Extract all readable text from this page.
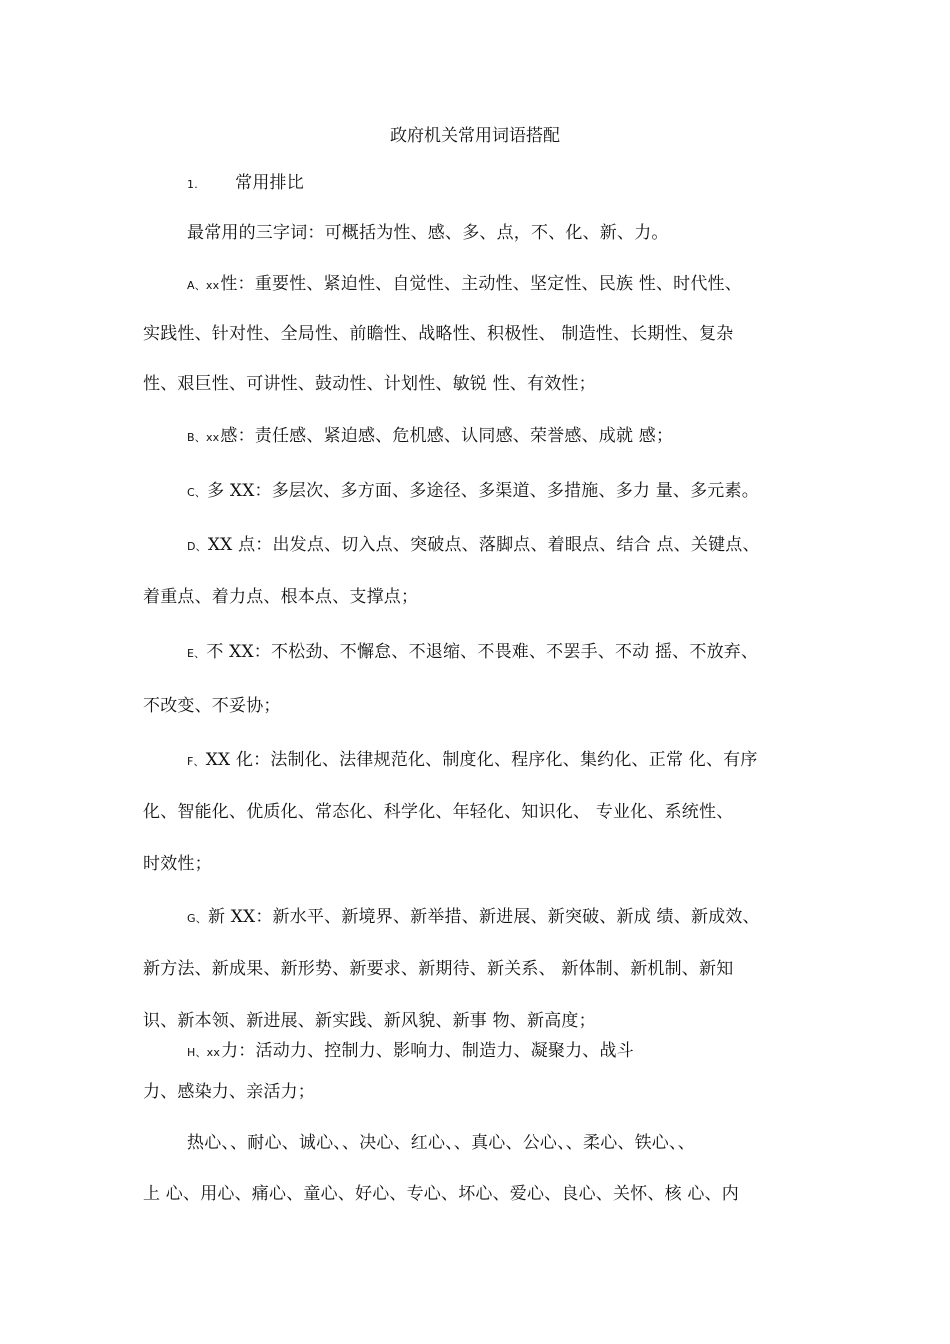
政府机关常用词语搭配
1. 常用排比
最常用的三字词：可概括为性、感、多、点，不、化、新、力。
A、xx性：重要性、紧迫性、自觉性、主动性、坚定性、民族 性、时代性、
实践性、针对性、全局性、前瞻性、战略性、积极性、 制造性、长期性、复杂
性、艰巨性、可讲性、鼓动性、计划性、敏锐 性、有效性；
B、xx感：责任感、紧迫感、危机感、认同感、荣誉感、成就 感；
C、多 XX：多层次、多方面、多途径、多渠道、多措施、多力 量、多元素。
D、XX 点：出发点、切入点、突破点、落脚点、着眼点、结合 点、关键点、
着重点、着力点、根本点、支撑点；
E、不 XX：不松劲、不懈怠、不退缩、不畏难、不罢手、不动 摇、不放弃、
不改变、不妥协；
F、XX 化：法制化、法律规范化、制度化、程序化、集约化、正常 化、有序
化、智能化、优质化、常态化、科学化、年轻化、知识化、 专业化、系统性、
时效性；
G、新 XX：新水平、新境界、新举措、新进展、新突破、新成 绩、新成效、
新方法、新成果、新形势、新要求、新期待、新关系、 新体制、新机制、新知
识、新本领、新进展、新实践、新风貌、新事 物、新高度；
H、xx力：活动力、控制力、影响力、制造力、凝聚力、战斗
力、感染力、亲活力；
热心、、耐心、诚心、、决心、红心、、真心、公心、、柔心、铁心、、
上 心、用心、痛心、童心、好心、专心、坏心、爱心、良心、关怀、核 心、内
